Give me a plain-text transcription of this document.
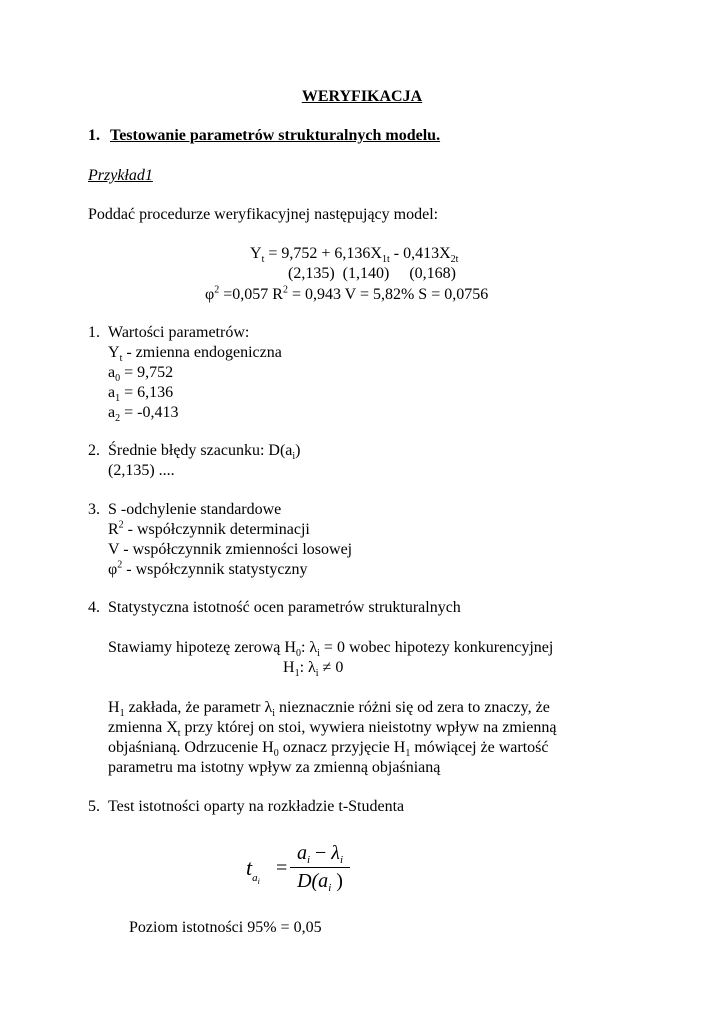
WERYFIKACJA
1. Testowanie parametrów strukturalnych modelu.
Przykład1
Poddać procedurze weryfikacyjnej następujący model:
$Y_t = 9,752 + 6,136X_{1t} - 0,413X_{2t}$
(2,135)  (1,140)     (0,168)
$\varphi^2 =0,057$ $R^2 = 0,943$ V = 5,82% S = 0,0756
1. Wartości parametrów:
$Y_t$ - zmienna endogeniczna
$a_0 = 9,752$
$a_1 = 6,136$
$a_2 = -0,413$
2. Średnie błędy szacunku: $D(a_i)$
(2,135) ....
3. S -odchylenie standardowe
$R^2$ - współczynnik determinacji
V - współczynnik zmienności losowej
$\varphi^2$ - współczynnik statystyczny
4. Statystyczna istotność ocen parametrów strukturalnych
Stawiamy hipotezę zerową $H_0$: $\lambda_i = 0$ wobec hipotezy konkurencyjnej
$H_1$: $\lambda_i \ne 0$
$H_1$ zakłada, że parametr $\lambda_i$ nieznacznie różni się od zera to znaczy, że
zmienna $X_t$ przy której on stoi, wywiera nieistotny wpływ na zmienną
objaśnianą. Odrzucenie $H_0$ oznacz przyjęcie $H_1$ mówiącej że wartość
parametru ma istotny wpływ za zmienną objaśnianą
5. Test istotności oparty na rozkładzie t-Studenta
$t_{ai}$
=
$a_i - \lambda_i$
$D(a_i$ )
Poziom istotności 95% = 0,05
